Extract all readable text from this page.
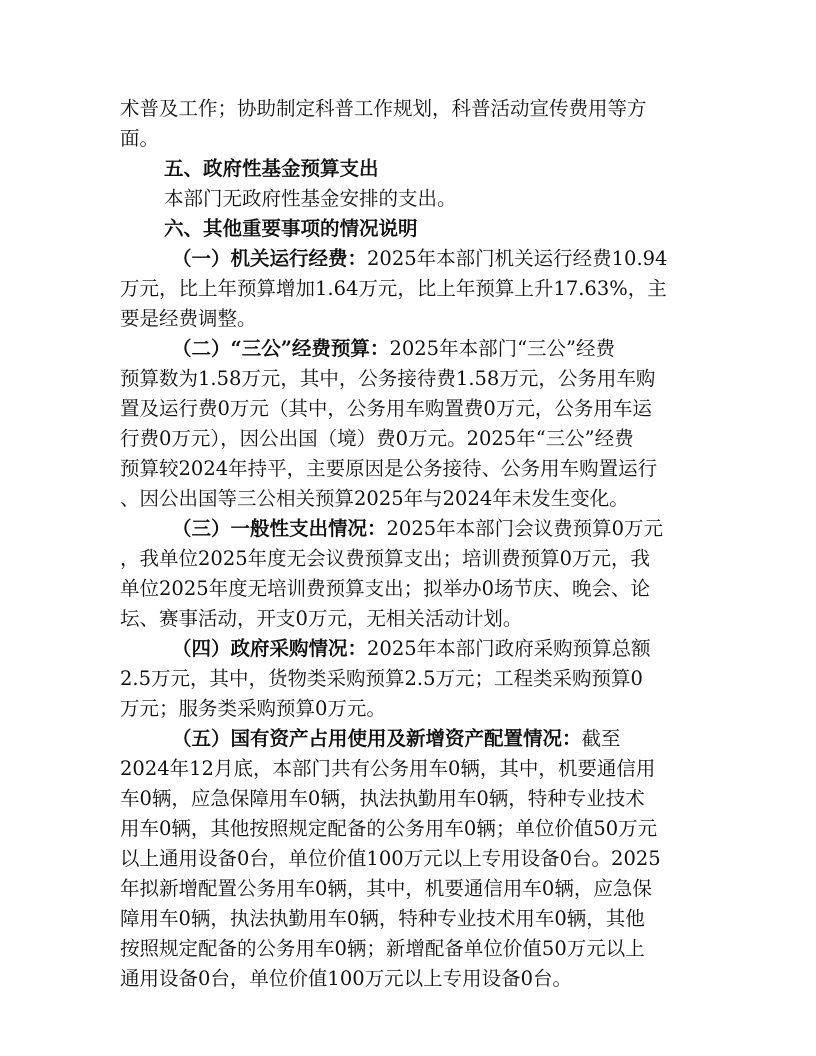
术普及工作；协助制定科普工作规划，科普活动宣传费用等方
面。
五、政府性基金预算支出
本部门无政府性基金安排的支出。
六、其他重要事项的情况说明
（一）机关运行经费：2025年本部门机关运行经费10.94
万元，比上年预算增加1.64万元，比上年预算上升17.63%，主
要是经费调整。
（二）“三公”经费预算：2025年本部门“三公”经费
预算数为1.58万元，其中，公务接待费1.58万元，公务用车购
置及运行费0万元（其中，公务用车购置费0万元，公务用车运
行费0万元），因公出国（境）费0万元。2025年“三公”经费
预算较2024年持平，主要原因是公务接待、公务用车购置运行
、因公出国等三公相关预算2025年与2024年未发生变化。
（三）一般性支出情况：2025年本部门会议费预算0万元
，我单位2025年度无会议费预算支出；培训费预算0万元，我
单位2025年度无培训费预算支出；拟举办0场节庆、晚会、论
坛、赛事活动，开支0万元，无相关活动计划。
（四）政府采购情况：2025年本部门政府采购预算总额
2.5万元，其中，货物类采购预算2.5万元；工程类采购预算0
万元；服务类采购预算0万元。
（五）国有资产占用使用及新增资产配置情况：截至
2024年12月底，本部门共有公务用车0辆，其中，机要通信用
车0辆，应急保障用车0辆，执法执勤用车0辆，特种专业技术
用车0辆，其他按照规定配备的公务用车0辆；单位价值50万元
以上通用设备0台，单位价值100万元以上专用设备0台。2025
年拟新增配置公务用车0辆，其中，机要通信用车0辆，应急保
障用车0辆，执法执勤用车0辆，特种专业技术用车0辆，其他
按照规定配备的公务用车0辆；新增配备单位价值50万元以上
通用设备0台，单位价值100万元以上专用设备0台。
